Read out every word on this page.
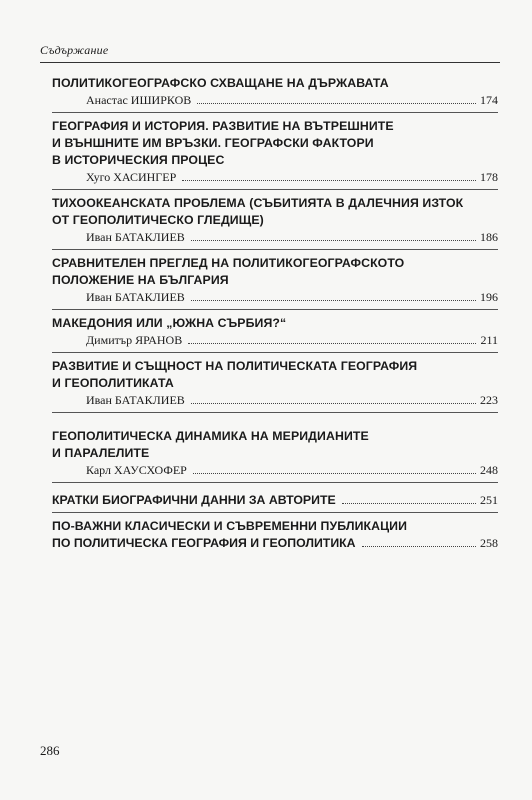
Съдържание
ПОЛИТИКОГЕОГРАФСКО СХВАЩАНЕ НА ДЪРЖАВАТА
Анастас ИШИРКОВ	174
ГЕОГРАФИЯ И ИСТОРИЯ. РАЗВИТИЕ НА ВЪТРЕШНИТЕ
И ВЪНШНИТЕ ИМ ВРЪЗКИ. ГЕОГРАФСКИ ФАКТОРИ
В ИСТОРИЧЕСКИЯ ПРОЦЕС
Хуго ХАСИНГЕР	178
ТИХООКЕАНСКАТА ПРОБЛЕМА (СЪБИТИЯТА В ДАЛЕЧНИЯ ИЗТОК
ОТ ГЕОПОЛИТИЧЕСКО ГЛЕДИЩЕ)
Иван БАТАКЛИЕВ	186
СРАВНИТЕЛЕН ПРЕГЛЕД НА ПОЛИТИКОГЕОГРАФСКОТО
ПОЛОЖЕНИЕ НА БЪЛГАРИЯ
Иван БАТАКЛИЕВ	196
МАКЕДОНИЯ ИЛИ „ЮЖНА СЪРБИЯ?“
Димитър ЯРАНОВ	211
РАЗВИТИЕ И СЪЩНОСТ НА ПОЛИТИЧЕСКАТА ГЕОГРАФИЯ
И ГЕОПОЛИТИКАТА
Иван БАТАКЛИЕВ	223
ГЕОПОЛИТИЧЕСКА ДИНАМИКА НА МЕРИДИАНИТЕ
И ПАРАЛЕЛИТЕ
Карл ХАУСХОФЕР	248
КРАТКИ БИОГРАФИЧНИ ДАННИ ЗА АВТОРИТЕ	251
ПО-ВАЖНИ КЛАСИЧЕСКИ И СЪВРЕМЕННИ ПУБЛИКАЦИИ
ПО ПОЛИТИЧЕСКА ГЕОГРАФИЯ И ГЕОПОЛИТИКА	258
286
